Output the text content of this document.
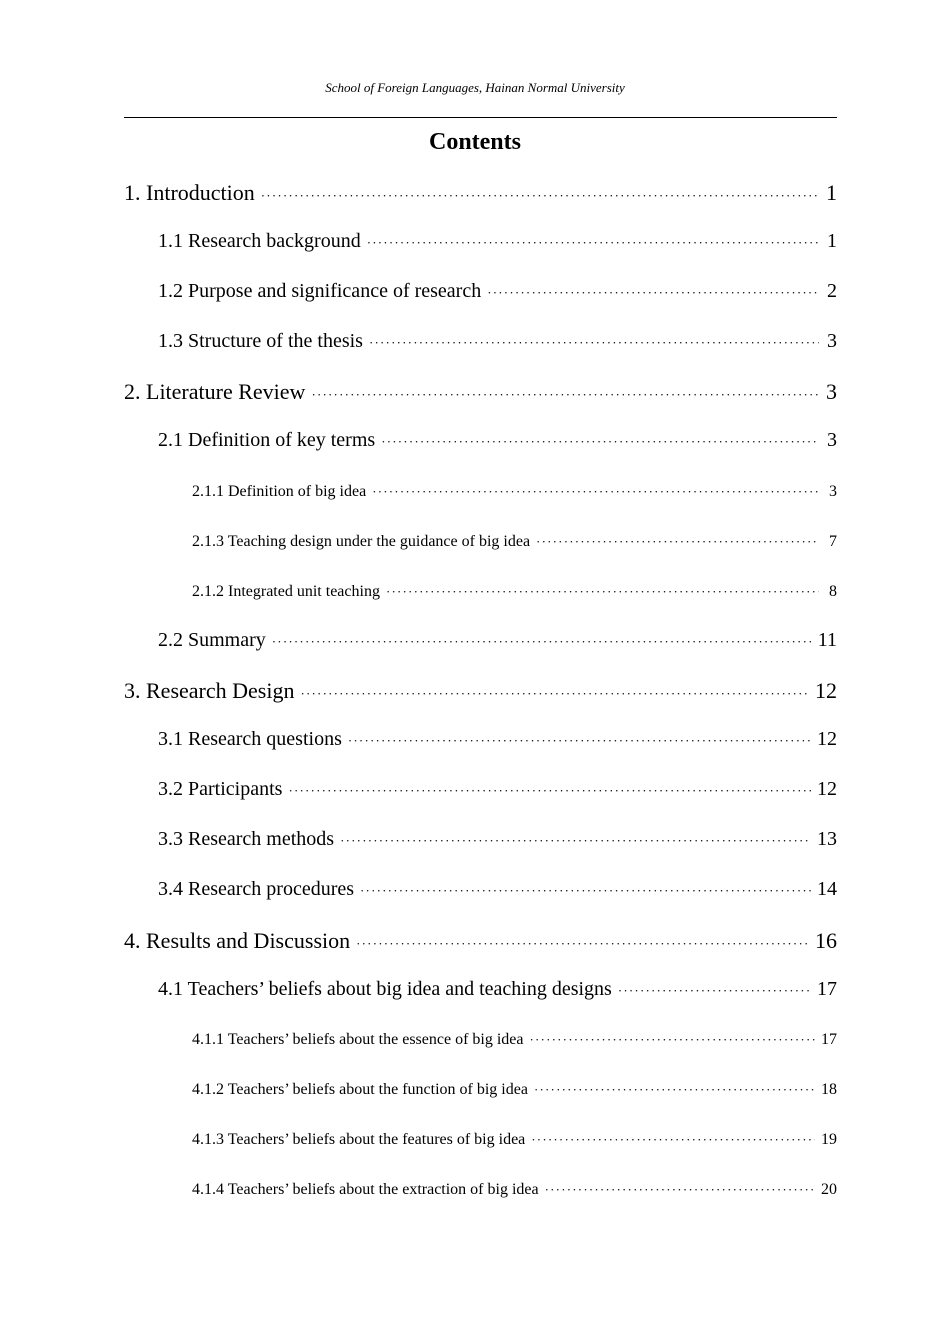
School of Foreign Languages, Hainan Normal University
Contents
1. Introduction ·····	1
1.1 Research background ·····	1
1.2 Purpose and significance of research ·····	2
1.3 Structure of the thesis ·····	3
2. Literature Review ·····	3
2.1 Definition of key terms ·····	3
2.1.1 Definition of big idea ·····	3
2.1.3 Teaching design under the guidance of big idea ·····	7
2.1.2 Integrated unit teaching ·····	8
2.2 Summary ·····	11
3. Research Design ·····	12
3.1 Research questions ·····	12
3.2 Participants ·····	12
3.3 Research methods ·····	13
3.4 Research procedures ·····	14
4. Results and Discussion ·····	16
4.1 Teachers’ beliefs about big idea and teaching designs ·····	17
4.1.1 Teachers’ beliefs about the essence of big idea ·····	17
4.1.2 Teachers’ beliefs about the function of big idea ·····	18
4.1.3 Teachers’ beliefs about the features of big idea ·····	19
4.1.4 Teachers’ beliefs about the extraction of big idea ·····	20
